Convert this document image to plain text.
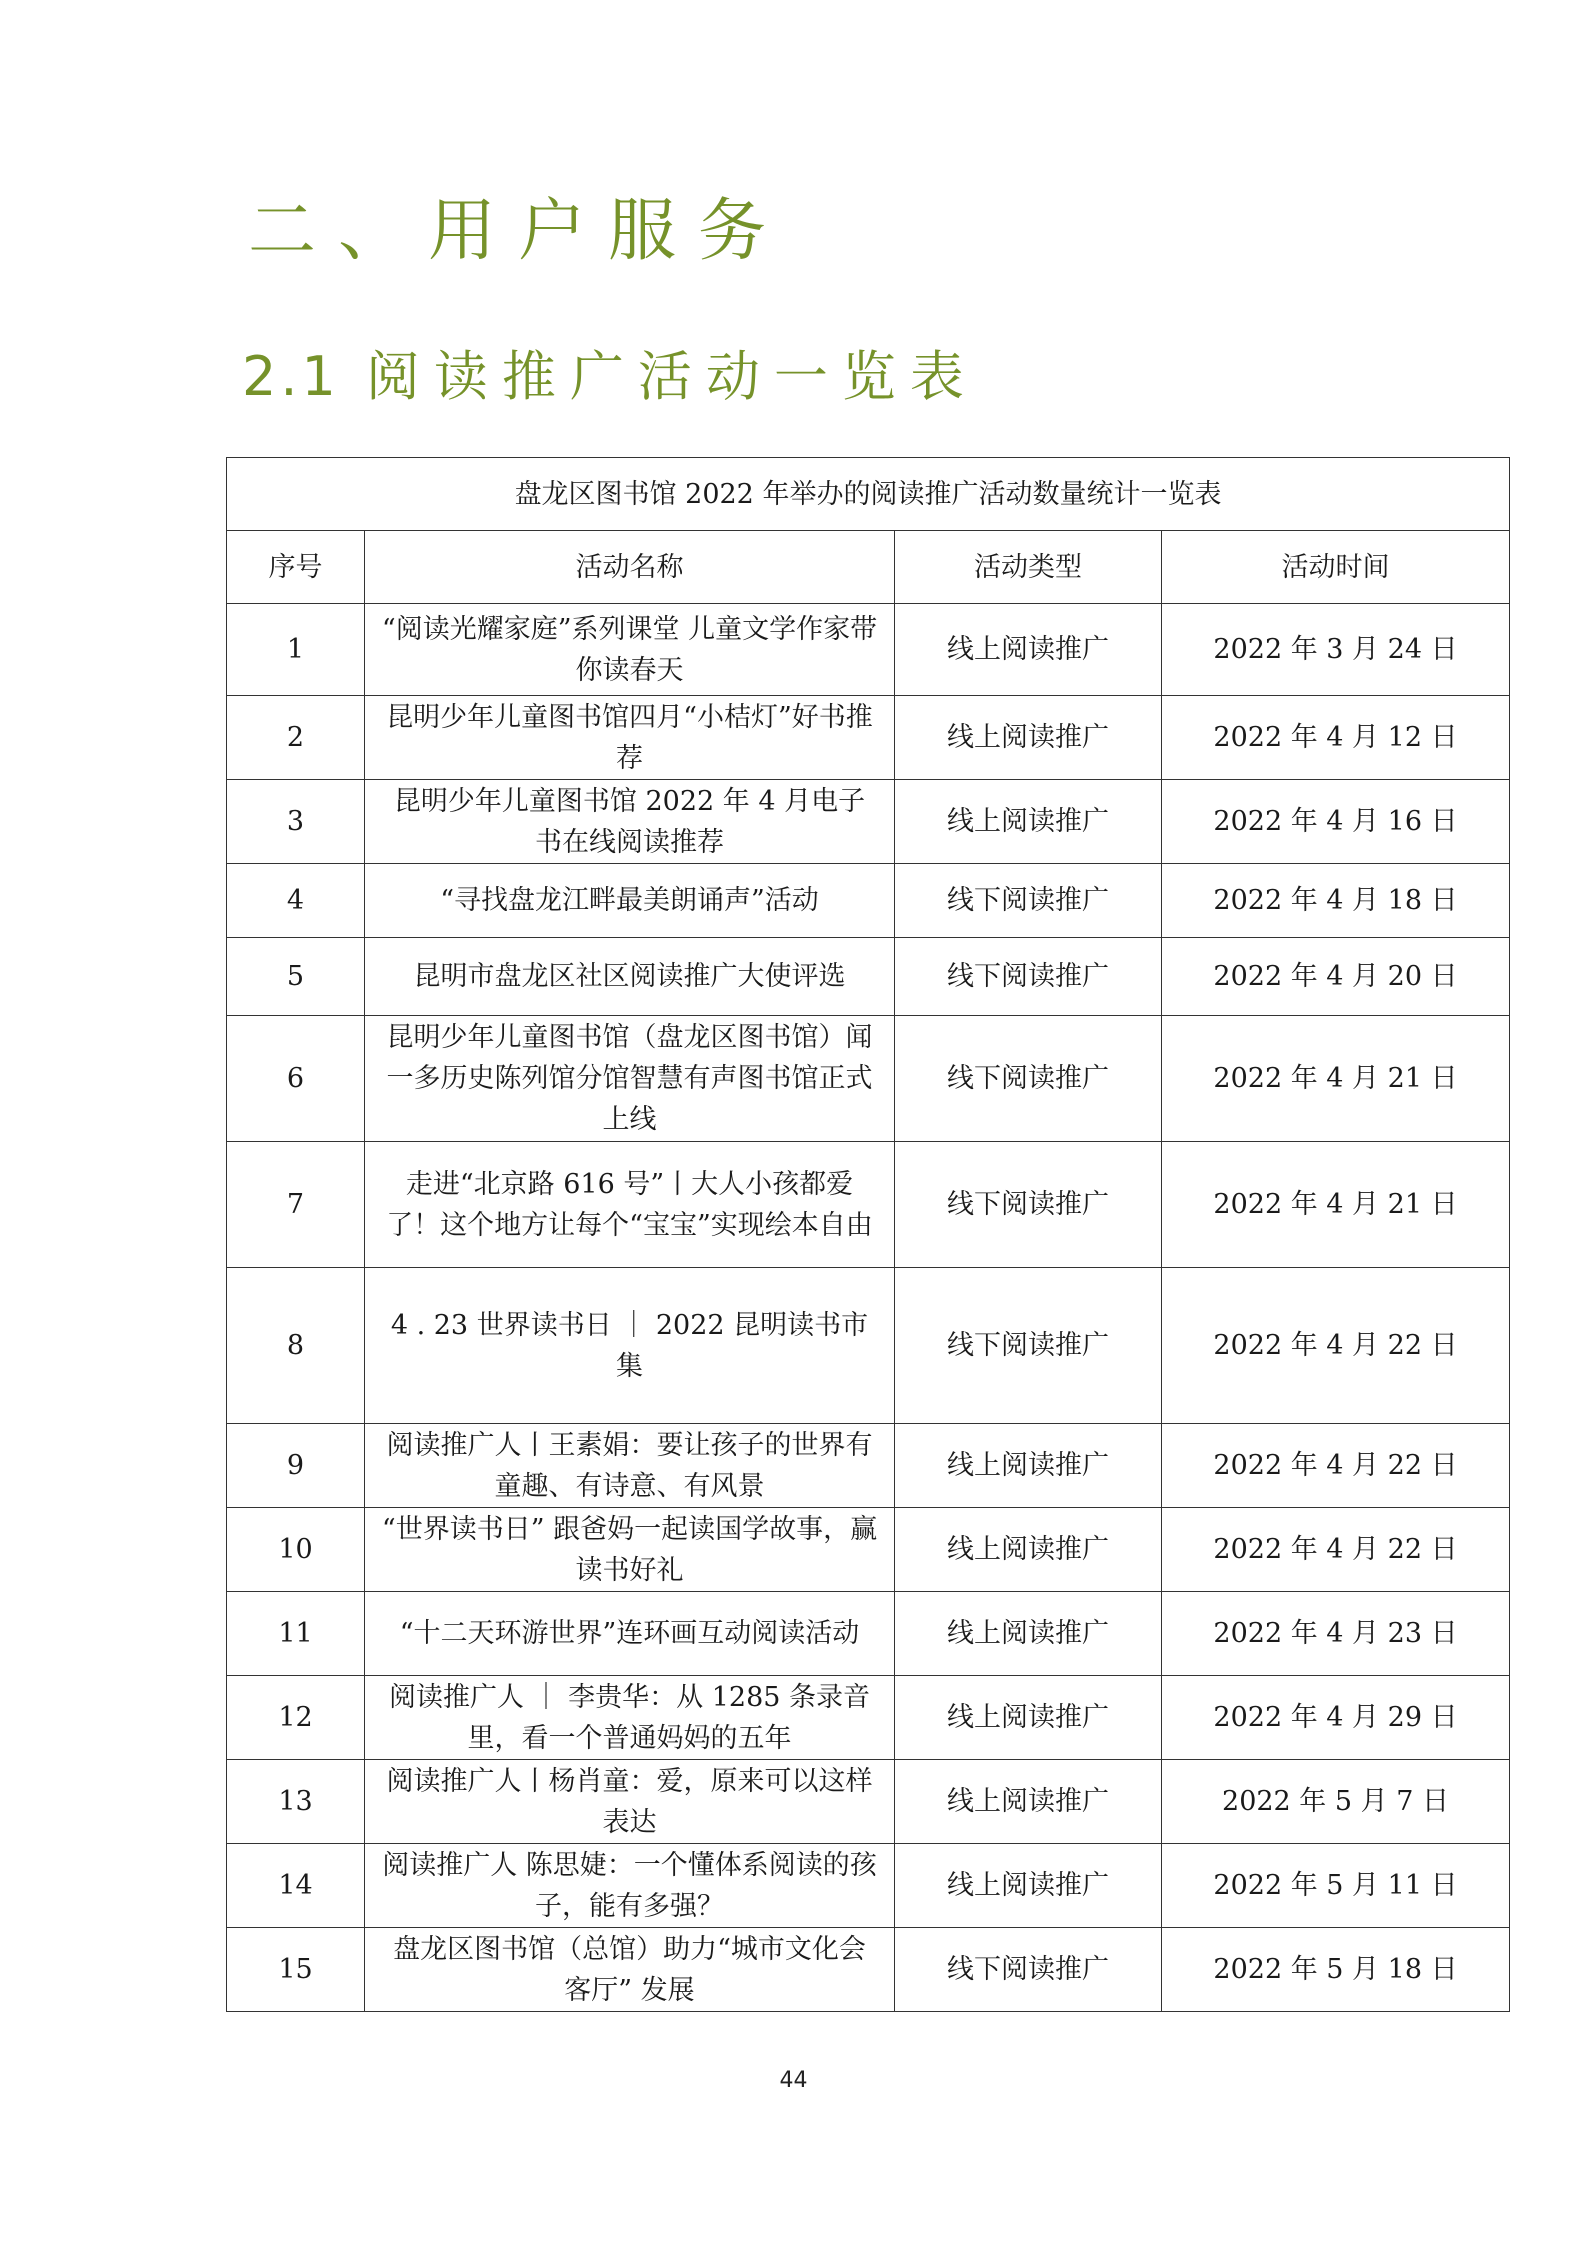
二、用户服务
2.1 阅读推广活动一览表
盘龙区图书馆 2022 年举办的阅读推广活动数量统计一览表			
序号	活动名称	活动类型	活动时间
1	“阅读光耀家庭”系列课堂 儿童文学作家带你读春天	线上阅读推广	2022 年 3 月 24 日
2	昆明少年儿童图书馆四月“小桔灯”好书推荐	线上阅读推广	2022 年 4 月 12 日
3	昆明少年儿童图书馆 2022 年 4 月电子书在线阅读推荐	线上阅读推广	2022 年 4 月 16 日
4	“寻找盘龙江畔最美朗诵声”活动	线下阅读推广	2022 年 4 月 18 日
5	昆明市盘龙区社区阅读推广大使评选	线下阅读推广	2022 年 4 月 20 日
6	昆明少年儿童图书馆（盘龙区图书馆）闻一多历史陈列馆分馆智慧有声图书馆正式上线	线下阅读推广	2022 年 4 月 21 日
7	走进“北京路 616 号”丨大人小孩都爱了！这个地方让每个“宝宝”实现绘本自由	线下阅读推广	2022 年 4 月 21 日
8	4 . 23 世界读书日 ｜ 2022 昆明读书市集	线下阅读推广	2022 年 4 月 22 日
9	阅读推广人丨王素娟：要让孩子的世界有童趣、有诗意、有风景	线上阅读推广	2022 年 4 月 22 日
10	“世界读书日” 跟爸妈一起读国学故事，赢读书好礼	线上阅读推广	2022 年 4 月 22 日
11	“十二天环游世界”连环画互动阅读活动	线上阅读推广	2022 年 4 月 23 日
12	阅读推广人 ｜ 李贵华：从 1285 条录音里，看一个普通妈妈的五年	线上阅读推广	2022 年 4 月 29 日
13	阅读推广人丨杨肖童：爱，原来可以这样表达	线上阅读推广	2022 年 5 月 7 日
14	阅读推广人 陈思婕：一个懂体系阅读的孩子，能有多强？	线上阅读推广	2022 年 5 月 11 日
15	盘龙区图书馆（总馆）助力“城市文化会客厅” 发展	线下阅读推广	2022 年 5 月 18 日
44
